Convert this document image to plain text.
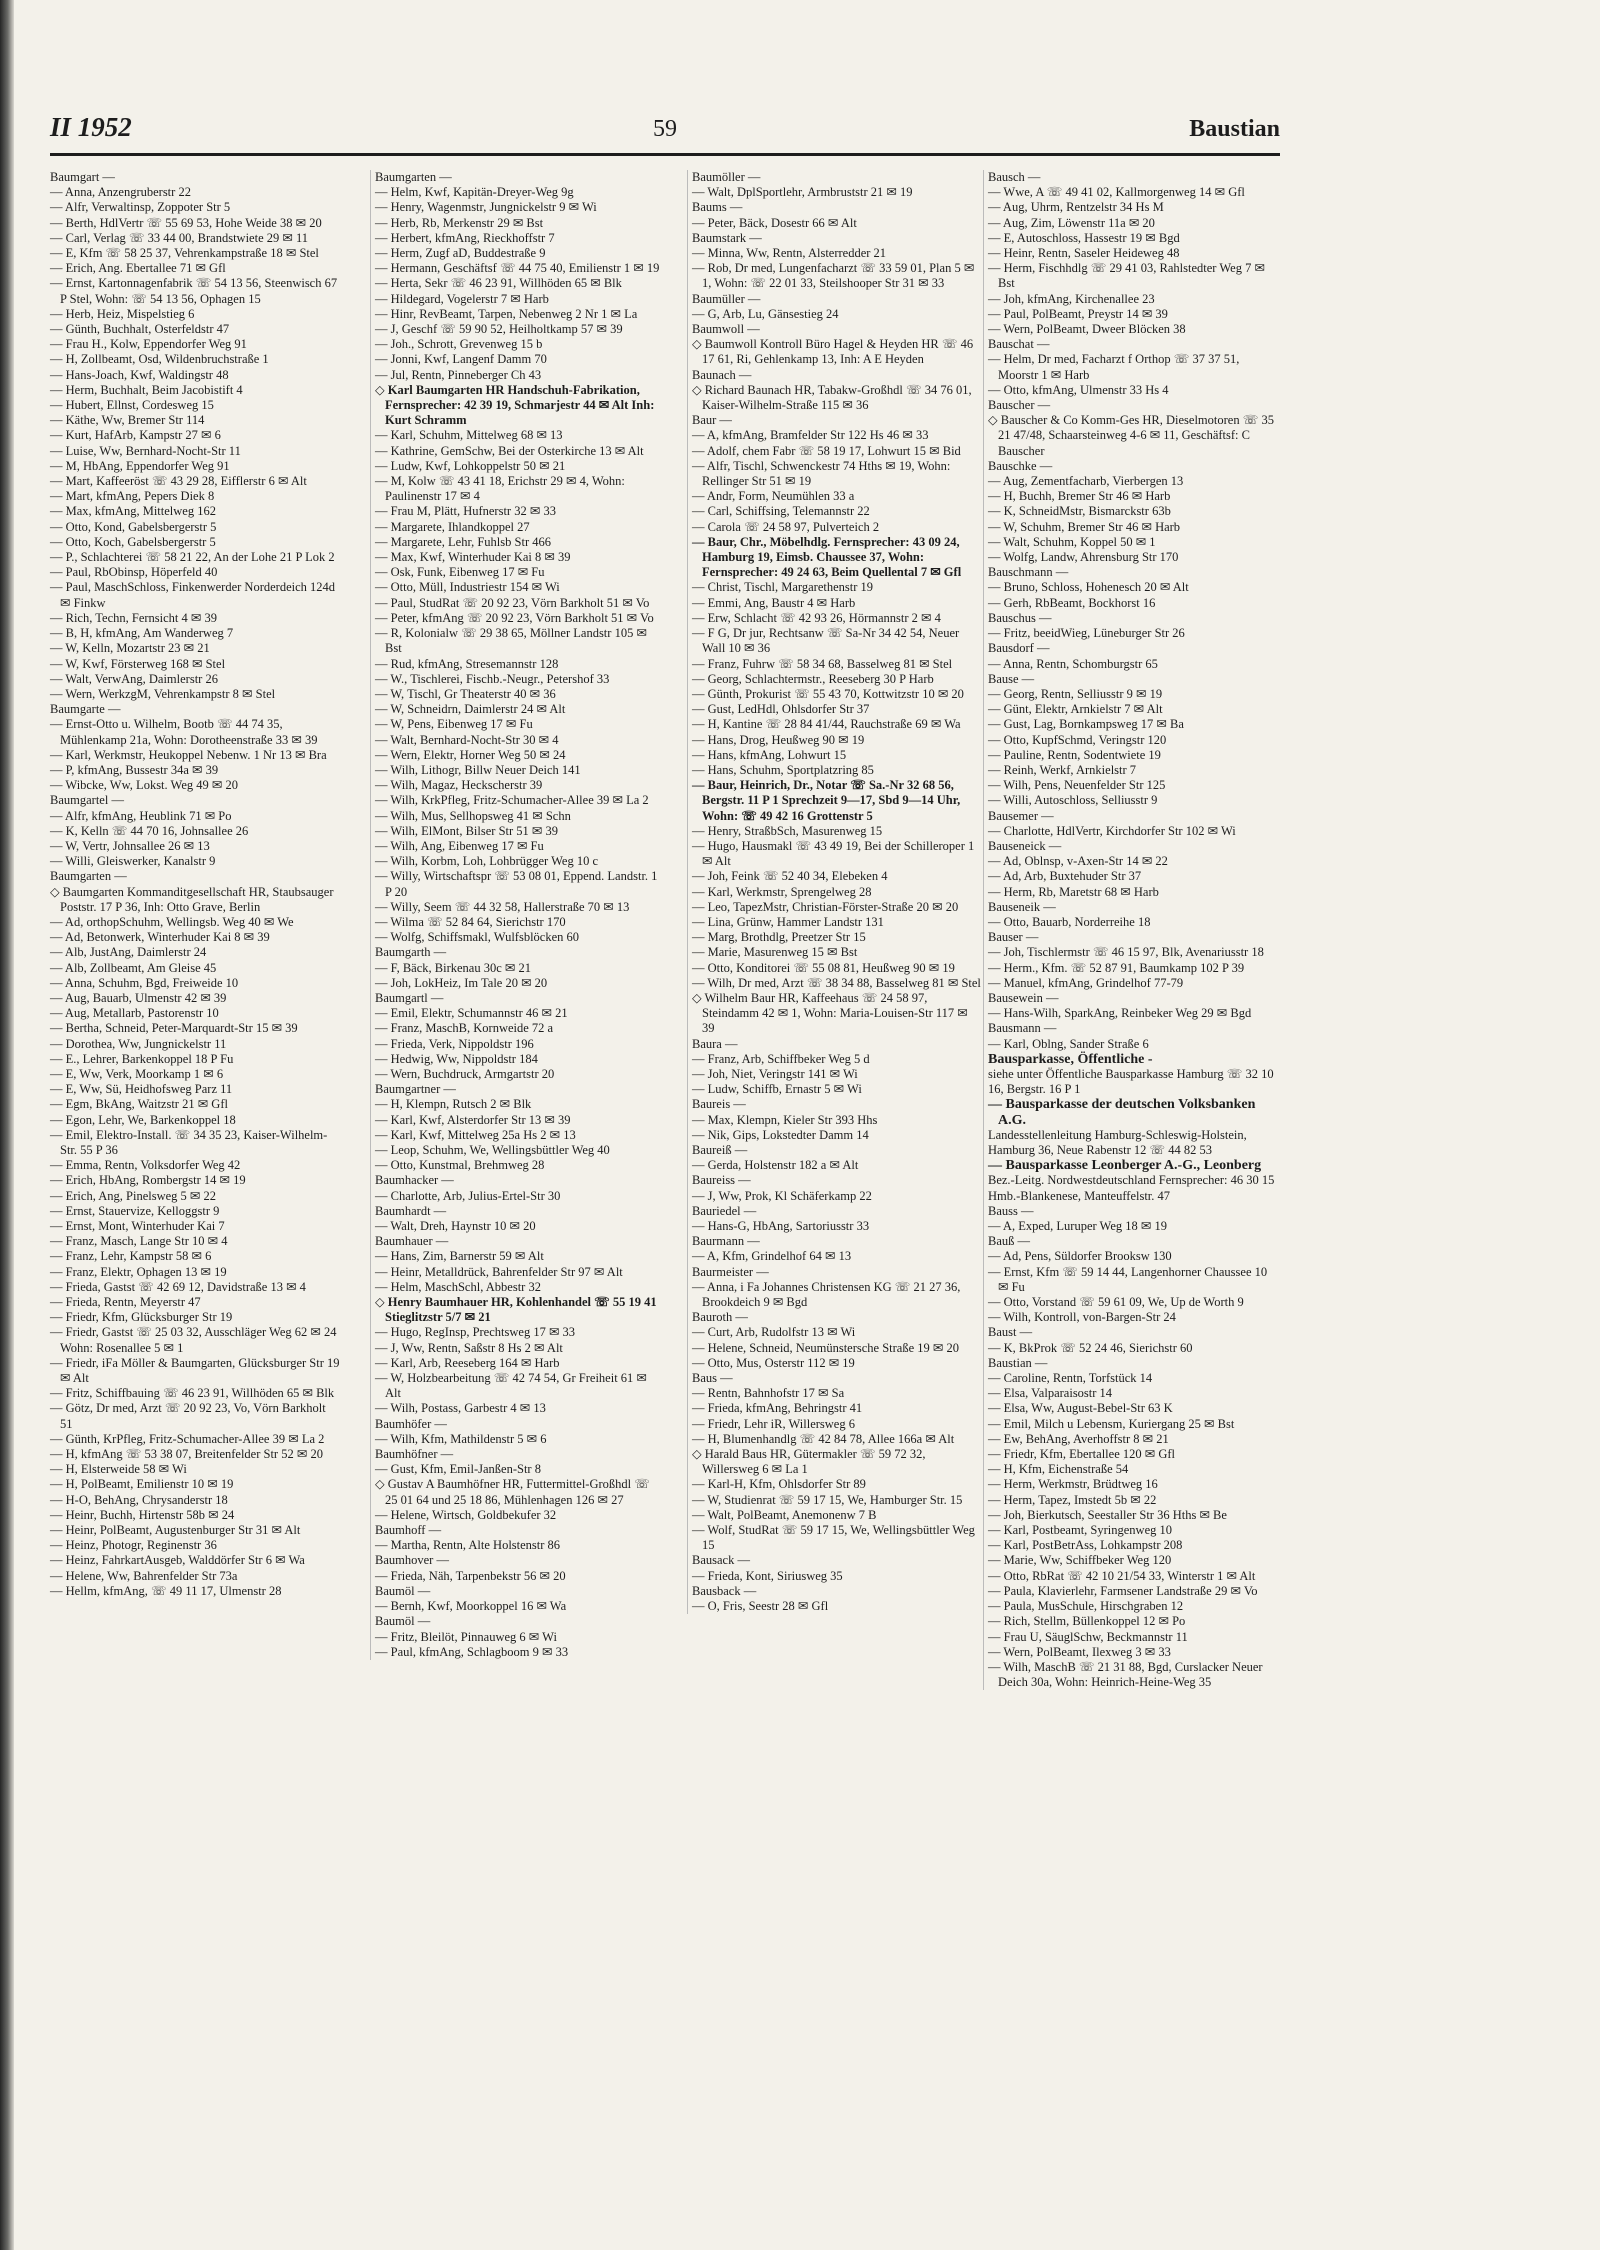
II 1952	59	Baustian
Baumgart —
— Anna, Anzengruberstr 22
— Alfr, Verwaltinsp, Zoppoter Str 5
— Berth, HdlVertr ☏ 55 69 53, Hohe Weide 38 ✉ 20
— Carl, Verlag ☏ 33 44 00, Brandstwiete 29 ✉ 11
— E, Kfm ☏ 58 25 37, Vehrenkampstraße 18 ✉ Stel
— Erich, Ang. Ebertallee 71 ✉ Gfl
— Ernst, Kartonnagenfabrik ☏ 54 13 56, Steenwisch 67 P Stel, Wohn: ☏ 54 13 56, Ophagen 15
— Herb, Heiz, Mispelstieg 6
— Günth, Buchhalt, Osterfeldstr 47
— Frau H., Kolw, Eppendorfer Weg 91
— H, Zollbeamt, Osd, Wildenbruchstraße 1
— Hans-Joach, Kwf, Waldingstr 48
— Herm, Buchhalt, Beim Jacobistift 4
— Hubert, Ellnst, Cordesweg 15
— Käthe, Ww, Bremer Str 114
— Kurt, HafArb, Kampstr 27 ✉ 6
— Luise, Ww, Bernhard-Nocht-Str 11
— M, HbAng, Eppendorfer Weg 91
— Mart, Kaffeeröst ☏ 43 29 28, Eifflerstr 6 ✉ Alt
— Mart, kfmAng, Pepers Diek 8
— Max, kfmAng, Mittelweg 162
— Otto, Kond, Gabelsbergerstr 5
— Otto, Koch, Gabelsbergerstr 5
— P., Schlachterei ☏ 58 21 22, An der Lohe 21 P Lok 2
— Paul, RbObinsp, Höperfeld 40
— Paul, MaschSchloss, Finkenwerder Norderdeich 124d ✉ Finkw
— Rich, Techn, Fernsicht 4 ✉ 39
— B, H, kfmAng, Am Wanderweg 7
— W, Kelln, Mozartstr 23 ✉ 21
— W, Kwf, Försterweg 168 ✉ Stel
— Walt, VerwAng, Daimlerstr 26
— Wern, WerkzgM, Vehrenkampstr 8 ✉ Stel
Baumgarte —
— Ernst-Otto u. Wilhelm, Bootb ☏ 44 74 35, Mühlenkamp 21a, Wohn: Dorotheenstraße 33 ✉ 39
— Karl, Werkmstr, Heukoppel Nebenw. 1 Nr 13 ✉ Bra
— P, kfmAng, Bussestr 34a ✉ 39
— Wibcke, Ww, Lokst. Weg 49 ✉ 20
Baumgartel —
— Alfr, kfmAng, Heublink 71 ✉ Po
— K, Kelln ☏ 44 70 16, Johnsallee 26
— W, Vertr, Johnsallee 26 ✉ 13
— Willi, Gleiswerker, Kanalstr 9
Baumgarten —
◇ Baumgarten Kommanditgesellschaft HR, Staubsauger Poststr. 17 P 36, Inh: Otto Grave, Berlin
— Ad, orthopSchuhm, Wellingsb. Weg 40 ✉ We
— Ad, Betonwerk, Winterhuder Kai 8 ✉ 39
— Alb, JustAng, Daimlerstr 24
— Alb, Zollbeamt, Am Gleise 45
— Anna, Schuhm, Bgd, Freiweide 10
— Aug, Bauarb, Ulmenstr 42 ✉ 39
— Aug, Metallarb, Pastorenstr 10
— Bertha, Schneid, Peter-Marquardt-Str 15 ✉ 39
— Dorothea, Ww, Jungnickelstr 11
— E., Lehrer, Barkenkoppel 18 P Fu
— E, Ww, Verk, Moorkamp 1 ✉ 6
— E, Ww, Sü, Heidhofsweg Parz 11
— Egm, BkAng, Waitzstr 21 ✉ Gfl
— Egon, Lehr, We, Barkenkoppel 18
— Emil, Elektro-Install. ☏ 34 35 23, Kaiser-Wilhelm-Str. 55 P 36
— Emma, Rentn, Volksdorfer Weg 42
— Erich, HbAng, Rombergstr 14 ✉ 19
— Erich, Ang, Pinelsweg 5 ✉ 22
— Ernst, Stauervize, Kelloggstr 9
— Ernst, Mont, Winterhuder Kai 7
— Franz, Masch, Lange Str 10 ✉ 4
— Franz, Lehr, Kampstr 58 ✉ 6
— Franz, Elektr, Ophagen 13 ✉ 19
— Frieda, Gastst ☏ 42 69 12, Davidstraße 13 ✉ 4
— Frieda, Rentn, Meyerstr 47
— Friedr, Kfm, Glücksburger Str 19
— Friedr, Gastst ☏ 25 03 32, Ausschläger Weg 62 ✉ 24 Wohn: Rosenallee 5 ✉ 1
— Friedr, iFa Möller & Baumgarten, Glücksburger Str 19 ✉ Alt
— Fritz, Schiffbauing ☏ 46 23 91, Willhöden 65 ✉ Blk
— Götz, Dr med, Arzt ☏ 20 92 23, Vo, Vörn Barkholt 51
— Günth, KrPfleg, Fritz-Schumacher-Allee 39 ✉ La 2
— H, kfmAng ☏ 53 38 07, Breitenfelder Str 52 ✉ 20
— H, Elsterweide 58 ✉ Wi
— H, PolBeamt, Emilienstr 10 ✉ 19
— H-O, BehAng, Chrysanderstr 18
— Heinr, Buchh, Hirtenstr 58b ✉ 24
— Heinr, PolBeamt, Augustenburger Str 31 ✉ Alt
— Heinz, Photogr, Reginenstr 36
— Heinz, FahrkartAusgeb, Walddörfer Str 6 ✉ Wa
— Helene, Ww, Bahrenfelder Str 73a
— Hellm, kfmAng, ☏ 49 11 17, Ulmenstr 28
Baumgarten —
— Helm, Kwf, Kapitän-Dreyer-Weg 9g
— Henry, Wagenmstr, Jungnickelstr 9 ✉ Wi
— Herb, Rb, Merkenstr 29 ✉ Bst
— Herbert, kfmAng, Rieckhoffstr 7
— Herm, Zugf aD, Buddestraße 9
— Hermann, Geschäftsf ☏ 44 75 40, Emilienstr 1 ✉ 19
— Herta, Sekr ☏ 46 23 91, Willhöden 65 ✉ Blk
— Hildegard, Vogelerstr 7 ✉ Harb
— Hinr, RevBeamt, Tarpen, Nebenweg 2 Nr 1 ✉ La
— J, Geschf ☏ 59 90 52, Heilholtkamp 57 ✉ 39
— Joh., Schrott, Grevenweg 15 b
— Jonni, Kwf, Langenf Damm 70
— Jul, Rentn, Pinneberger Ch 43
◇ Karl Baumgarten HR Handschuh-Fabrikation, Fernsprecher: 42 39 19, Schmarjestr 44 ✉ Alt Inh: Kurt Schramm
— Karl, Schuhm, Mittelweg 68 ✉ 13
— Kathrine, GemSchw, Bei der Osterkirche 13 ✉ Alt
— Ludw, Kwf, Lohkoppelstr 50 ✉ 21
— M, Kolw ☏ 43 41 18, Erichstr 29 ✉ 4, Wohn: Paulinenstr 17 ✉ 4
— Frau M, Plätt, Hufnerstr 32 ✉ 33
— Margarete, Ihlandkoppel 27
— Margarete, Lehr, Fuhlsb Str 466
— Max, Kwf, Winterhuder Kai 8 ✉ 39
— Osk, Funk, Eibenweg 17 ✉ Fu
— Otto, Müll, Industriestr 154 ✉ Wi
— Paul, StudRat ☏ 20 92 23, Vörn Barkholt 51 ✉ Vo
— Peter, kfmAng ☏ 20 92 23, Vörn Barkholt 51 ✉ Vo
— R, Kolonialw ☏ 29 38 65, Möllner Landstr 105 ✉ Bst
— Rud, kfmAng, Stresemannstr 128
— W., Tischlerei, Fischb.-Neugr., Petershof 33
— W, Tischl, Gr Theaterstr 40 ✉ 36
— W, Schneidrn, Daimlerstr 24 ✉ Alt
— W, Pens, Eibenweg 17 ✉ Fu
— Walt, Bernhard-Nocht-Str 30 ✉ 4
— Wern, Elektr, Horner Weg 50 ✉ 24
— Wilh, Lithogr, Billw Neuer Deich 141
— Wilh, Magaz, Heckscherstr 39
— Wilh, KrkPfleg, Fritz-Schumacher-Allee 39 ✉ La 2
— Wilh, Mus, Sellhopsweg 41 ✉ Schn
— Wilh, ElMont, Bilser Str 51 ✉ 39
— Wilh, Ang, Eibenweg 17 ✉ Fu
— Wilh, Korbm, Loh, Lohbrügger Weg 10 c
— Willy, Wirtschaftspr ☏ 53 08 01, Eppend. Landstr. 1 P 20
— Willy, Seem ☏ 44 32 58, Hallerstraße 70 ✉ 13
— Wilma ☏ 52 84 64, Sierichstr 170
— Wolfg, Schiffsmakl, Wulfsblöcken 60
Baumgarth —
— F, Bäck, Birkenau 30c ✉ 21
— Joh, LokHeiz, Im Tale 20 ✉ 20
Baumgartl —
— Emil, Elektr, Schumannstr 46 ✉ 21
— Franz, MaschB, Kornweide 72 a
— Frieda, Verk, Nippoldstr 196
— Hedwig, Ww, Nippoldstr 184
— Wern, Buchdruck, Armgartstr 20
Baumgartner —
— H, Klempn, Rutsch 2 ✉ Blk
— Karl, Kwf, Alsterdorfer Str 13 ✉ 39
— Karl, Kwf, Mittelweg 25a Hs 2 ✉ 13
— Leop, Schuhm, We, Wellingsbüttler Weg 40
— Otto, Kunstmal, Brehmweg 28
Baumhacker —
— Charlotte, Arb, Julius-Ertel-Str 30
Baumhardt —
— Walt, Dreh, Haynstr 10 ✉ 20
Baumhauer —
— Hans, Zim, Barnerstr 59 ✉ Alt
— Heinr, Metalldrück, Bahrenfelder Str 97 ✉ Alt
— Helm, MaschSchl, Abbestr 32
◇ Henry Baumhauer HR, Kohlenhandel ☏ 55 19 41 Stieglitzstr 5/7 ✉ 21
— Hugo, RegInsp, Prechtsweg 17 ✉ 33
— J, Ww, Rentn, Saßstr 8 Hs 2 ✉ Alt
— Karl, Arb, Reeseberg 164 ✉ Harb
— W, Holzbearbeitung ☏ 42 74 54, Gr Freiheit 61 ✉ Alt
— Wilh, Postass, Garbestr 4 ✉ 13
Baumhöfer —
— Wilh, Kfm, Mathildenstr 5 ✉ 6
Baumhöfner —
— Gust, Kfm, Emil-Janßen-Str 8
◇ Gustav A Baumhöfner HR, Futtermittel-Großhdl ☏ 25 01 64 und 25 18 86, Mühlenhagen 126 ✉ 27
— Helene, Wirtsch, Goldbekufer 32
Baumhoff —
— Martha, Rentn, Alte Holstenstr 86
Baumhover —
— Frieda, Näh, Tarpenbekstr 56 ✉ 20
Baumöl —
— Bernh, Kwf, Moorkoppel 16 ✉ Wa
Baumöl —
— Fritz, Bleilöt, Pinnauweg 6 ✉ Wi
— Paul, kfmAng, Schlagboom 9 ✉ 33
Baumöller —
— Walt, DplSportlehr, Armbruststr 21 ✉ 19
Baums —
— Peter, Bäck, Dosestr 66 ✉ Alt
Baumstark —
— Minna, Ww, Rentn, Alsterredder 21
— Rob, Dr med, Lungenfacharzt ☏ 33 59 01, Plan 5 ✉ 1, Wohn: ☏ 22 01 33, Steilshooper Str 31 ✉ 33
Baumüller —
— G, Arb, Lu, Gänsestieg 24
Baumwoll —
◇ Baumwoll Kontroll Büro Hagel & Heyden HR ☏ 46 17 61, Ri, Gehlenkamp 13, Inh: A E Heyden
Baunach —
◇ Richard Baunach HR, Tabakw-Großhdl ☏ 34 76 01, Kaiser-Wilhelm-Straße 115 ✉ 36
Baur —
— A, kfmAng, Bramfelder Str 122 Hs 46 ✉ 33
— Adolf, chem Fabr ☏ 58 19 17, Lohwurt 15 ✉ Bid
— Alfr, Tischl, Schwenckestr 74 Hths ✉ 19, Wohn: Rellinger Str 51 ✉ 19
— Andr, Form, Neumühlen 33 a
— Carl, Schiffsing, Telemannstr 22
— Carola ☏ 24 58 97, Pulverteich 2
— Baur, Chr., Möbelhdlg. Fernsprecher: 43 09 24, Hamburg 19, Eimsb. Chaussee 37, Wohn: Fernsprecher: 49 24 63, Beim Quellental 7 ✉ Gfl
— Christ, Tischl, Margarethenstr 19
— Emmi, Ang, Baustr 4 ✉ Harb
— Erw, Schlacht ☏ 42 93 26, Hörmannstr 2 ✉ 4
— F G, Dr jur, Rechtsanw ☏ Sa-Nr 34 42 54, Neuer Wall 10 ✉ 36
— Franz, Fuhrw ☏ 58 34 68, Basselweg 81 ✉ Stel
— Georg, Schlachtermstr., Reeseberg 30 P Harb
— Günth, Prokurist ☏ 55 43 70, Kottwitzstr 10 ✉ 20
— Gust, LedHdl, Ohlsdorfer Str 37
— H, Kantine ☏ 28 84 41/44, Rauchstraße 69 ✉ Wa
— Hans, Drog, Heußweg 90 ✉ 19
— Hans, kfmAng, Lohwurt 15
— Hans, Schuhm, Sportplatzring 85
— Baur, Heinrich, Dr., Notar ☏ Sa.-Nr 32 68 56, Bergstr. 11 P 1 Sprechzeit 9—17, Sbd 9—14 Uhr, Wohn: ☏ 49 42 16 Grottenstr 5
— Henry, StraßbSch, Masurenweg 15
— Hugo, Hausmakl ☏ 43 49 19, Bei der Schilleroper 1 ✉ Alt
— Joh, Feink ☏ 52 40 34, Elebeken 4
— Karl, Werkmstr, Sprengelweg 28
— Leo, TapezMstr, Christian-Förster-Straße 20 ✉ 20
— Lina, Grünw, Hammer Landstr 131
— Marg, Brothdlg, Preetzer Str 15
— Marie, Masurenweg 15 ✉ Bst
— Otto, Konditorei ☏ 55 08 81, Heußweg 90 ✉ 19
— Wilh, Dr med, Arzt ☏ 38 34 88, Basselweg 81 ✉ Stel
◇ Wilhelm Baur HR, Kaffeehaus ☏ 24 58 97, Steindamm 42 ✉ 1, Wohn: Maria-Louisen-Str 117 ✉ 39
Baura —
— Franz, Arb, Schiffbeker Weg 5 d
— Joh, Niet, Veringstr 141 ✉ Wi
— Ludw, Schiffb, Ernastr 5 ✉ Wi
Baureis —
— Max, Klempn, Kieler Str 393 Hhs
— Nik, Gips, Lokstedter Damm 14
Baureiß —
— Gerda, Holstenstr 182 a ✉ Alt
Baureiss —
— J, Ww, Prok, Kl Schäferkamp 22
Bauriedel —
— Hans-G, HbAng, Sartoriusstr 33
Baurmann —
— A, Kfm, Grindelhof 64 ✉ 13
Baurmeister —
— Anna, i Fa Johannes Christensen KG ☏ 21 27 36, Brookdeich 9 ✉ Bgd
Bauroth —
— Curt, Arb, Rudolfstr 13 ✉ Wi
— Helene, Schneid, Neumünstersche Straße 19 ✉ 20
— Otto, Mus, Osterstr 112 ✉ 19
Baus —
— Rentn, Bahnhofstr 17 ✉ Sa
— Frieda, kfmAng, Behringstr 41
— Friedr, Lehr iR, Willersweg 6
— H, Blumenhandlg ☏ 42 84 78, Allee 166a ✉ Alt
◇ Harald Baus HR, Gütermakler ☏ 59 72 32, Willersweg 6 ✉ La 1
— Karl-H, Kfm, Ohlsdorfer Str 89
— W, Studienrat ☏ 59 17 15, We, Hamburger Str. 15
— Walt, PolBeamt, Anemonenw 7 B
— Wolf, StudRat ☏ 59 17 15, We, Wellingsbüttler Weg 15
Bausack —
— Frieda, Kont, Siriusweg 35
Bausback —
— O, Fris, Seestr 28 ✉ Gfl
Bausch —
— Wwe, A ☏ 49 41 02, Kallmorgenweg 14 ✉ Gfl
— Aug, Uhrm, Rentzelstr 34 Hs M
— Aug, Zim, Löwenstr 11a ✉ 20
— E, Autoschloss, Hassestr 19 ✉ Bgd
— Heinr, Rentn, Saseler Heideweg 48
— Herm, Fischhdlg ☏ 29 41 03, Rahlstedter Weg 7 ✉ Bst
— Joh, kfmAng, Kirchenallee 23
— Paul, PolBeamt, Preystr 14 ✉ 39
— Wern, PolBeamt, Dweer Blöcken 38
Bauschat —
— Helm, Dr med, Facharzt f Orthop ☏ 37 37 51, Moorstr 1 ✉ Harb
— Otto, kfmAng, Ulmenstr 33 Hs 4
Bauscher —
◇ Bauscher & Co Komm-Ges HR, Dieselmotoren ☏ 35 21 47/48, Schaarsteinweg 4-6 ✉ 11, Geschäftsf: C Bauscher
Bauschke —
— Aug, Zementfacharb, Vierbergen 13
— H, Buchh, Bremer Str 46 ✉ Harb
— K, SchneidMstr, Bismarckstr 63b
— W, Schuhm, Bremer Str 46 ✉ Harb
— Walt, Schuhm, Koppel 50 ✉ 1
— Wolfg, Landw, Ahrensburg Str 170
Bauschmann —
— Bruno, Schloss, Hohenesch 20 ✉ Alt
— Gerh, RbBeamt, Bockhorst 16
Bauschus —
— Fritz, beeidWieg, Lüneburger Str 26
Bausdorf —
— Anna, Rentn, Schomburgstr 65
Bause —
— Georg, Rentn, Selliusstr 9 ✉ 19
— Günt, Elektr, Arnkielstr 7 ✉ Alt
— Gust, Lag, Bornkampsweg 17 ✉ Ba
— Otto, KupfSchmd, Veringstr 120
— Pauline, Rentn, Sodentwiete 19
— Reinh, Werkf, Arnkielstr 7
— Wilh, Pens, Neuenfelder Str 125
— Willi, Autoschloss, Selliusstr 9
Bausemer —
— Charlotte, HdlVertr, Kirchdorfer Str 102 ✉ Wi
Bauseneick —
— Ad, Oblnsp, v-Axen-Str 14 ✉ 22
— Ad, Arb, Buxtehuder Str 37
— Herm, Rb, Maretstr 68 ✉ Harb
Bauseneik —
— Otto, Bauarb, Norderreihe 18
Bauser —
— Joh, Tischlermstr ☏ 46 15 97, Blk, Avenariusstr 18
— Herm., Kfm. ☏ 52 87 91, Baumkamp 102 P 39
— Manuel, kfmAng, Grindelhof 77-79
Bausewein —
— Hans-Wilh, SparkAng, Reinbeker Weg 29 ✉ Bgd
Bausmann —
— Karl, Oblng, Sander Straße 6
Bausparkasse, Öffentliche -
siehe unter Öffentliche Bausparkasse Hamburg ☏ 32 10 16, Bergstr. 16 P 1
— Bausparkasse der deutschen Volksbanken A.G.
Landesstellenleitung Hamburg-Schleswig-Holstein, Hamburg 36, Neue Rabenstr 12 ☏ 44 82 53
— Bausparkasse Leonberger A.-G., Leonberg
Bez.-Leitg. Nordwestdeutschland Fernsprecher: 46 30 15 Hmb.-Blankenese, Manteuffelstr. 47
Bauss —
— A, Exped, Luruper Weg 18 ✉ 19
Bauß —
— Ad, Pens, Süldorfer Brooksw 130
— Ernst, Kfm ☏ 59 14 44, Langenhorner Chaussee 10 ✉ Fu
— Otto, Vorstand ☏ 59 61 09, We, Up de Worth 9
— Wilh, Kontroll, von-Bargen-Str 24
Baust —
— K, BkProk ☏ 52 24 46, Sierichstr 60
Baustian —
— Caroline, Rentn, Torfstück 14
— Elsa, Valparaisostr 14
— Elsa, Ww, August-Bebel-Str 63 K
— Emil, Milch u Lebensm, Kuriergang 25 ✉ Bst
— Ew, BehAng, Averhoffstr 8 ✉ 21
— Friedr, Kfm, Ebertallee 120 ✉ Gfl
— H, Kfm, Eichenstraße 54
— Herm, Werkmstr, Brüdtweg 16
— Herm, Tapez, Imstedt 5b ✉ 22
— Joh, Bierkutsch, Seestaller Str 36 Hths ✉ Be
— Karl, Postbeamt, Syringenweg 10
— Karl, PostBetrAss, Lohkampstr 208
— Marie, Ww, Schiffbeker Weg 120
— Otto, RbRat ☏ 42 10 21/54 33, Winterstr 1 ✉ Alt
— Paula, Klavierlehr, Farmsener Landstraße 29 ✉ Vo
— Paula, MusSchule, Hirschgraben 12
— Rich, Stellm, Büllenkoppel 12 ✉ Po
— Frau U, SäuglSchw, Beckmannstr 11
— Wern, PolBeamt, Ilexweg 3 ✉ 33
— Wilh, MaschB ☏ 21 31 88, Bgd, Curslacker Neuer Deich 30a, Wohn: Heinrich-Heine-Weg 35
